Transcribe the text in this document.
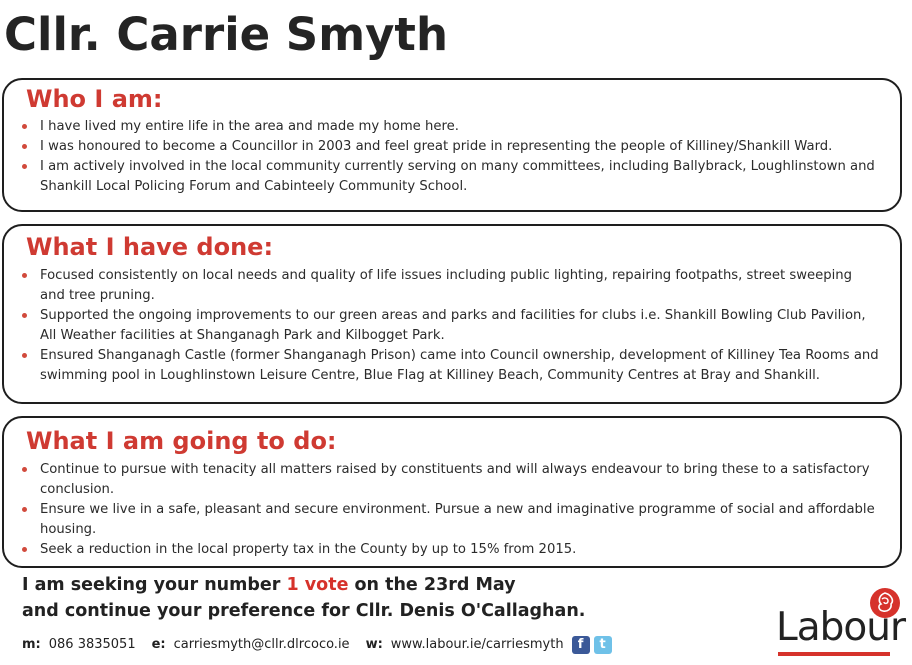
Cllr. Carrie Smyth
Who I am:
I have lived my entire life in the area and made my home here.
I was honoured to become a Councillor in 2003 and feel great pride in representing the people of Killiney/Shankill Ward.
I am actively involved in the local community currently serving on many committees, including Ballybrack, Loughlinstown and Shankill Local Policing Forum and Cabinteely Community School.
What I have done:
Focused consistently on local needs and quality of life issues including public lighting, repairing footpaths, street sweeping and tree pruning.
Supported the ongoing improvements to our green areas and parks and facilities for clubs i.e. Shankill Bowling Club Pavilion, All Weather facilities at Shanganagh Park and Kilbogget Park.
Ensured Shanganagh Castle (former Shanganagh Prison) came into Council ownership, development of Killiney Tea Rooms and swimming pool in Loughlinstown Leisure Centre, Blue Flag at Killiney Beach, Community Centres at Bray and Shankill.
What I am going to do:
Continue to pursue with tenacity all matters raised by constituents and will always endeavour to bring these to a satisfactory conclusion.
Ensure we live in a safe, pleasant and secure environment. Pursue a new and imaginative programme of social and affordable housing.
Seek a reduction in the local property tax in the County by up to 15% from 2015.
I am seeking your number 1 vote on the 23rd May
and continue your preference for Cllr. Denis O'Callaghan.
m: 086 3835051 e: carriesmyth@cllr.dlrcoco.ie w: www.labour.ie/carriesmyth	f	t	Labour
